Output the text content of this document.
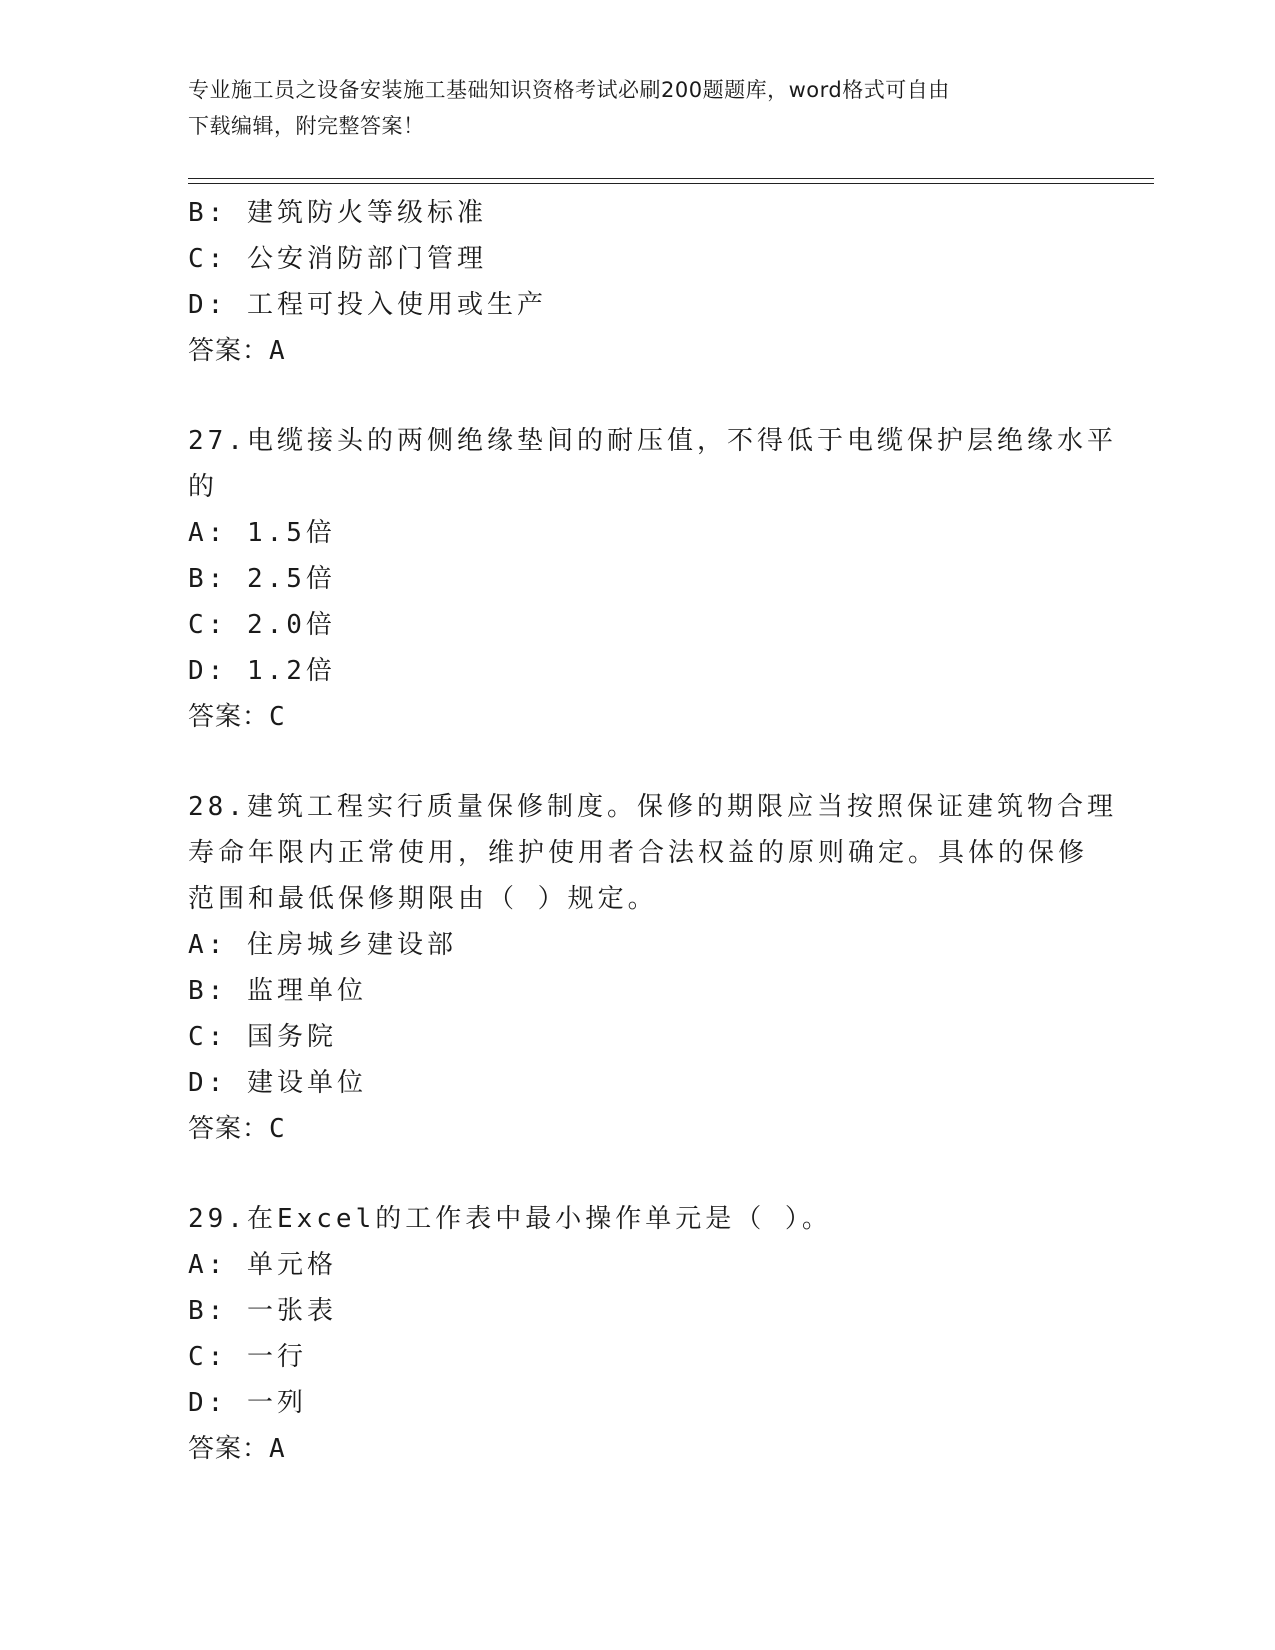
专业施工员之设备安装施工基础知识资格考试必刷200题题库，word格式可自由
下载编辑，附完整答案！
B: 建筑防火等级标准
C: 公安消防部门管理
D: 工程可投入使用或生产
答案：A
27.电缆接头的两侧绝缘垫间的耐压值，不得低于电缆保护层绝缘水平
的
A: 1.5倍
B: 2.5倍
C: 2.0倍
D: 1.2倍
答案：C
28.建筑工程实行质量保修制度。保修的期限应当按照保证建筑物合理
寿命年限内正常使用，维护使用者合法权益的原则确定。具体的保修
范围和最低保修期限由（ ）规定。
A: 住房城乡建设部
B: 监理单位
C: 国务院
D: 建设单位
答案：C
29.在Excel的工作表中最小操作单元是（ ）。
A: 单元格
B: 一张表
C: 一行
D: 一列
答案：A
